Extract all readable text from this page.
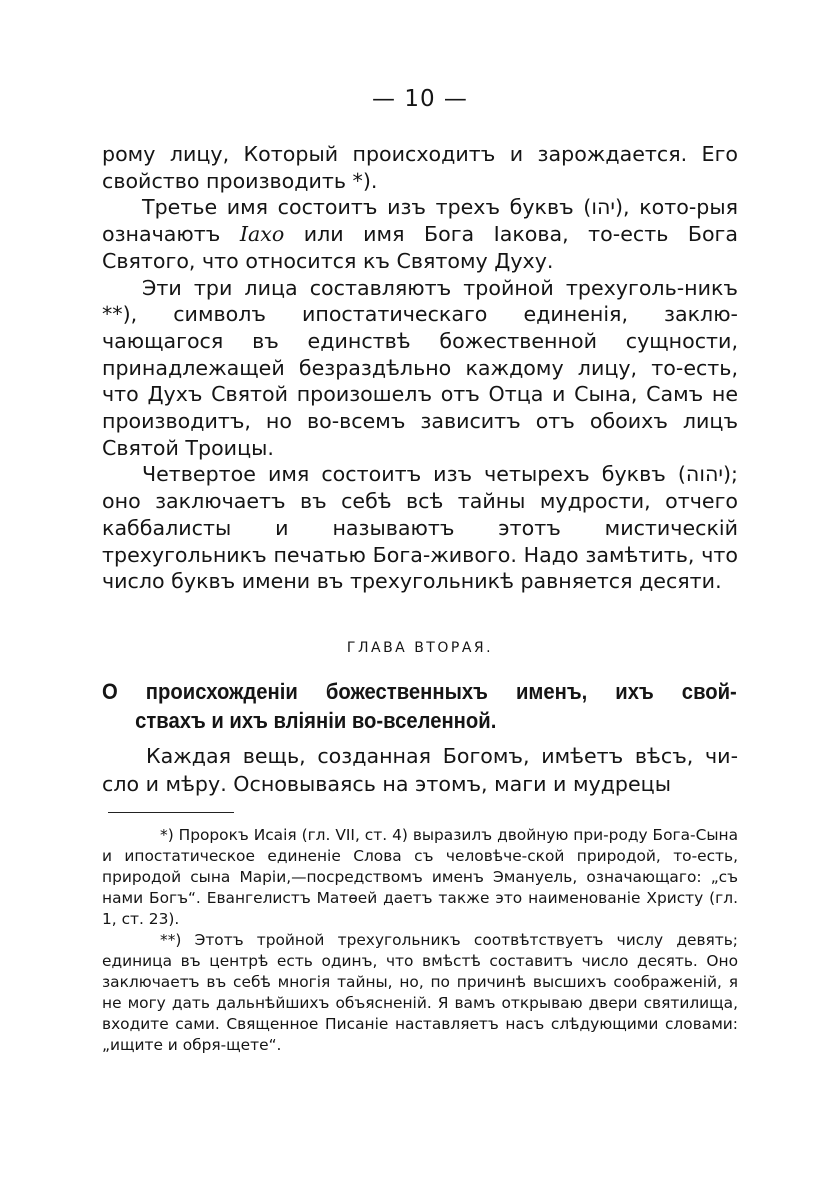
— 10 —

рому лицу, Который происходитъ и зарождается. Его свойство производить *).

Третье имя состоитъ изъ трехъ буквъ (יהו), кото-рыя означаютъ Iaxo или имя Бога Іакова, то-есть Бога Святого, что относится къ Святому Духу.

Эти три лица составляютъ тройной трехуголь-никъ **), символъ ипостатическаго единенія, заклю-чающагося въ единствѣ божественной сущности, принадлежащей безраздѣльно каждому лицу, то-есть, что Духъ Святой произошелъ отъ Отца и Сына, Самъ не производитъ, но во-всемъ зависитъ отъ обоихъ лицъ Святой Троицы.

Четвертое имя состоитъ изъ четырехъ буквъ (יהוה); оно заключаетъ въ себѣ всѣ тайны мудрости, отчего каббалисты и называютъ этотъ мистическій трехугольникъ печатью Бога-живого. Надо замѣтить, что число буквъ имени въ трехугольникѣ равняется десяти.

ГЛАВА ВТОРАЯ.
О происхожденіи божественныхъ именъ, ихъ свой-
ствахъ и ихъ вліяніи во-вселенной.

Каждая вещь, созданная Богомъ, имѣетъ вѣсъ, чи-сло и мѣру. Основываясь на этомъ, маги и мудрецы

*) Пророкъ Исаія (гл. VII, ст. 4) выразилъ двойную при-роду Бога-Сына и ипостатическое единеніе Слова съ человѣче-ской природой, то-есть, природой сына Маріи,—посредствомъ именъ Эмануель, означающаго: „съ нами Богъ“. Евангелистъ Матѳей даетъ также это наименованіе Христу (гл. 1, ст. 23).

**) Этотъ тройной трехугольникъ соотвѣтствуетъ числу девять; единица въ центрѣ есть одинъ, что вмѣстѣ составитъ число десять. Оно заключаетъ въ себѣ многія тайны, но, по причинѣ высшихъ соображеній, я не могу дать дальнѣйшихъ объясненій. Я вамъ открываю двери святилища, входите сами. Священное Писаніе наставляетъ насъ слѣдующими словами: „ищите и обря-щете“.
